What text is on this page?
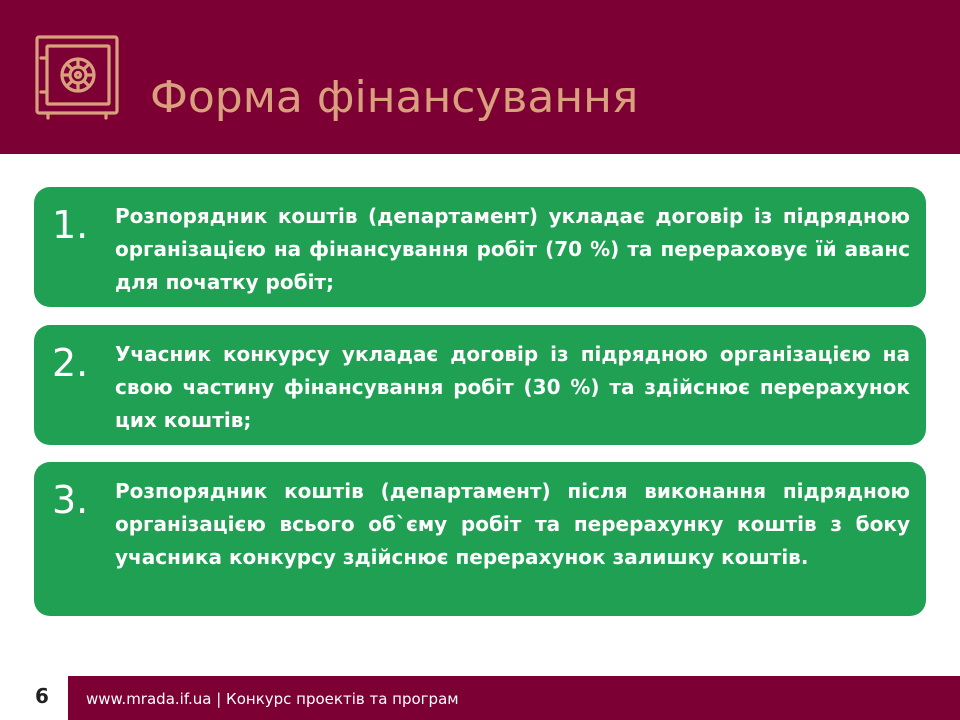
Форма фінансування
1. Розпорядник коштів (департамент) укладає договір із підрядною організацією на фінансування робіт (70 %) та перераховує їй аванс для початку робіт;
2. Учасник конкурсу укладає договір із підрядною організацією на свою частину фінансування робіт (30 %) та здійснює перерахунок цих коштів;
3. Розпорядник коштів (департамент) після виконання підрядною організацією всього об`єму робіт та перерахунку коштів з боку учасника конкурсу здійснює перерахунок залишку коштів.
6	www.mrada.if.ua | Конкурс проектів та програм
